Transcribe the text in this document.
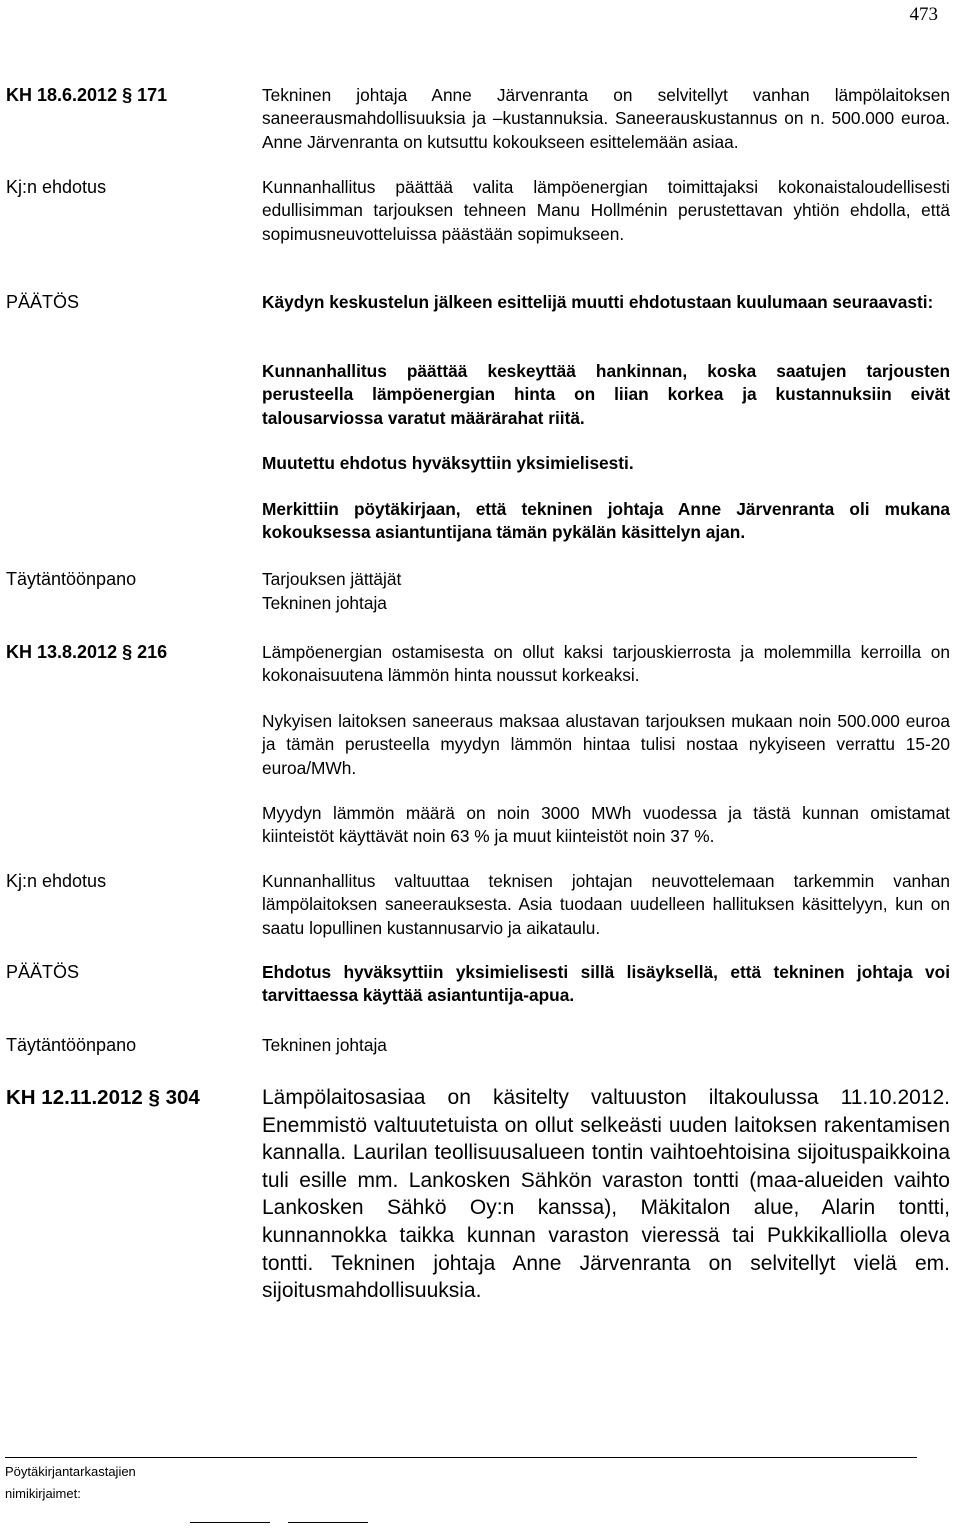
473
KH 18.6.2012 § 171	Tekninen johtaja Anne Järvenranta on selvitellyt vanhan lämpölaitoksen saneerausmahdollisuuksia ja –kustannuksia. Saneerauskustannus on n. 500.000 euroa. Anne Järvenranta on kutsuttu kokoukseen esittelemään asiaa.
Kj:n ehdotus	Kunnanhallitus päättää valita lämpöenergian toimittajaksi kokonaistaloudellisesti edullisimman tarjouksen tehneen Manu Hollménin perustettavan yhtiön ehdolla, että sopimusneuvotteluissa päästään sopimukseen.
PÄÄTÖS	Käydyn keskustelun jälkeen esittelijä muutti ehdotustaan kuulumaan seuraavasti:
Kunnanhallitus päättää keskeyttää hankinnan, koska saatujen tarjousten perusteella lämpöenergian hinta on liian korkea ja kustannuksiin eivät talousarviossa varatut määrärahat riitä.
Muutettu ehdotus hyväksyttiin yksimielisesti.
Merkittiin pöytäkirjaan, että tekninen johtaja Anne Järvenranta oli mukana kokouksessa asiantuntijana tämän pykälän käsittelyn ajan.
Täytäntöönpano	Tarjouksen jättäjät
Tekninen johtaja
KH 13.8.2012 § 216	Lämpöenergian ostamisesta on ollut kaksi tarjouskierrosta ja molemmilla kerroilla on kokonaisuutena lämmön hinta noussut korkeaksi.
Nykyisen laitoksen saneeraus maksaa alustavan tarjouksen mukaan noin 500.000 euroa ja tämän perusteella myydyn lämmön hintaa tulisi nostaa nykyiseen verrattu 15-20 euroa/MWh.
Myydyn lämmön määrä on noin 3000 MWh vuodessa ja tästä kunnan omistamat kiinteistöt käyttävät noin 63 % ja muut kiinteistöt noin 37 %.
Kj:n ehdotus	Kunnanhallitus valtuuttaa teknisen johtajan neuvottelemaan tarkemmin vanhan lämpölaitoksen saneerauksesta. Asia tuodaan uudelleen hallituksen käsittelyyn, kun on saatu lopullinen kustannusarvio ja aikataulu.
PÄÄTÖS	Ehdotus hyväksyttiin yksimielisesti sillä lisäyksellä, että tekninen johtaja voi tarvittaessa käyttää asiantuntija-apua.
Täytäntöönpano	Tekninen johtaja
KH 12.11.2012 § 304	Lämpölaitosasiaa on käsitelty valtuuston iltakoulussa 11.10.2012. Enemmistö valtuutetuista on ollut selkeästi uuden laitoksen rakentamisen kannalla. Laurilan teollisuusalueen tontin vaihtoehtoisina sijoituspaikkoina tuli esille mm. Lankosken Sähkön varaston tontti (maa-alueiden vaihto Lankosken Sähkö Oy:n kanssa), Mäkitalon alue, Alarin tontti, kunnannokka taikka kunnan varaston vieressä tai Pukkikalliolla oleva tontti. Tekninen johtaja Anne Järvenranta on selvitellyt vielä em. sijoitusmahdollisuuksia.
Pöytäkirjantarkastajien
nimikirjaimet:
